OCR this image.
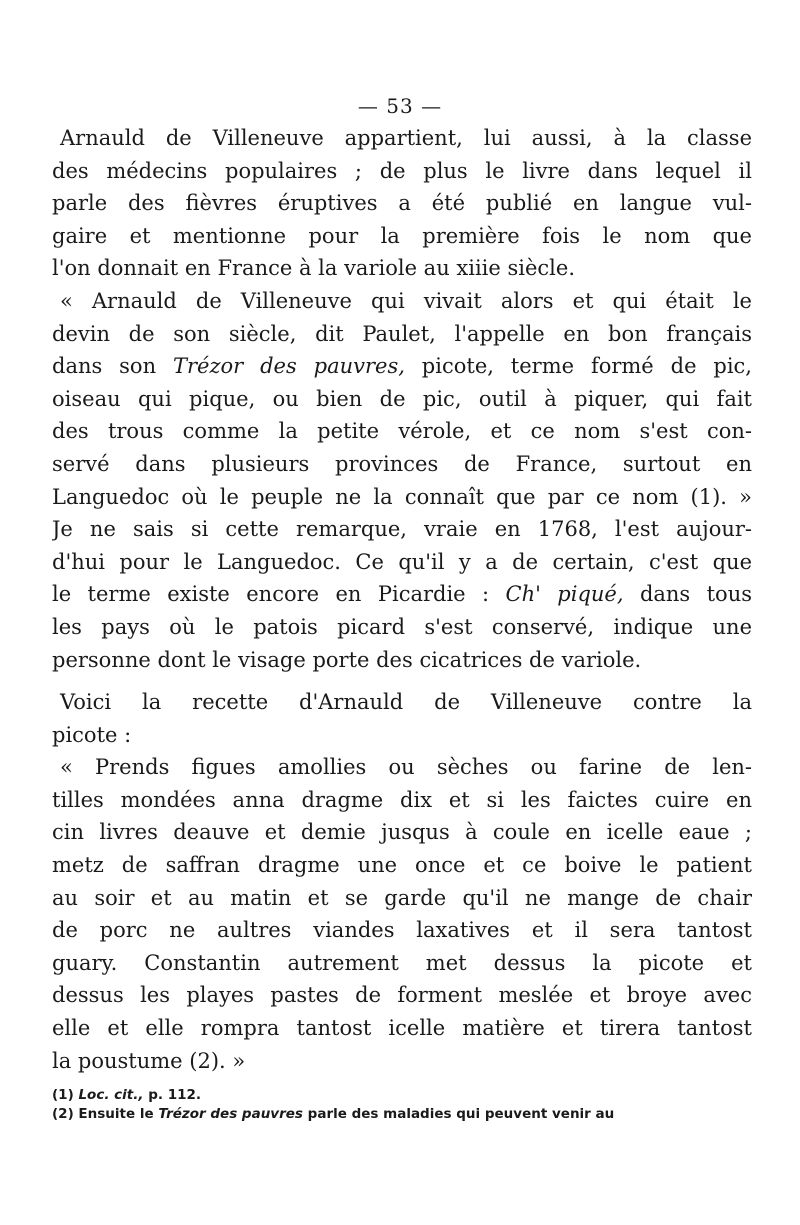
— 53 —
Arnauld de Villeneuve appartient, lui aussi, à la classe
des médecins populaires ; de plus le livre dans lequel il
parle des fièvres éruptives a été publié en langue vul-
gaire et mentionne pour la première fois le nom que
l'on donnait en France à la variole au xiiie siècle.
« Arnauld de Villeneuve qui vivait alors et qui était le
devin de son siècle, dit Paulet, l'appelle en bon français
dans son Trézor des pauvres, picote, terme formé de pic,
oiseau qui pique, ou bien de pic, outil à piquer, qui fait
des trous comme la petite vérole, et ce nom s'est con-
servé dans plusieurs provinces de France, surtout en
Languedoc où le peuple ne la connaît que par ce nom (1). »
Je ne sais si cette remarque, vraie en 1768, l'est aujour-
d'hui pour le Languedoc. Ce qu'il y a de certain, c'est que
le terme existe encore en Picardie : Ch' piqué, dans tous
les pays où le patois picard s'est conservé, indique une
personne dont le visage porte des cicatrices de variole.
Voici la recette d'Arnauld de Villeneuve contre la
picote :
« Prends figues amollies ou sèches ou farine de len-
tilles mondées anna dragme dix et si les faictes cuire en
cin livres deauve et demie jusqus à coule en icelle eaue ;
metz de saffran dragme une once et ce boive le patient
au soir et au matin et se garde qu'il ne mange de chair
de porc ne aultres viandes laxatives et il sera tantost
guary. Constantin autrement met dessus la picote et
dessus les playes pastes de forment meslée et broye avec
elle et elle rompra tantost icelle matière et tirera tantost
la poustume (2). »
(1) Loc. cit., p. 112.
(2) Ensuite le Trézor des pauvres parle des maladies qui peuvent venir au
